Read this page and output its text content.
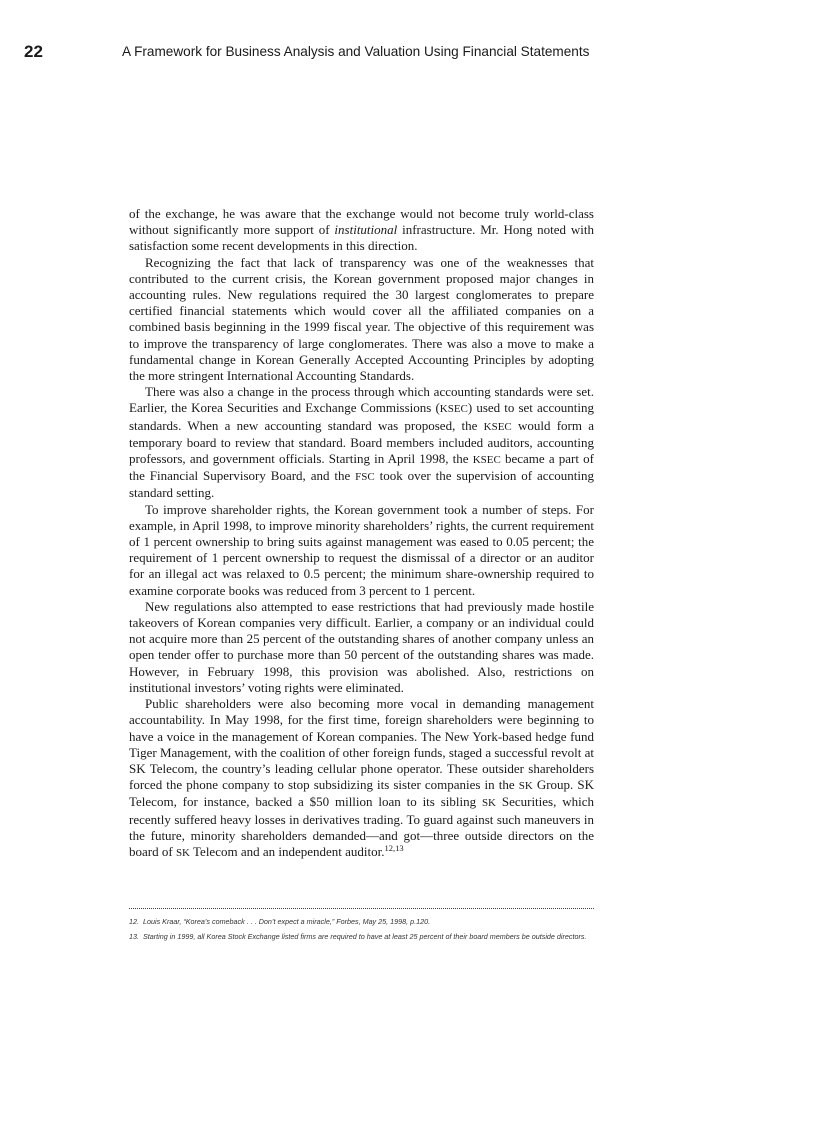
22	A Framework for Business Analysis and Valuation Using Financial Statements

of the exchange, he was aware that the exchange would not become truly world-class without significantly more support of institutional infrastructure. Mr. Hong noted with satisfaction some recent developments in this direction.

Recognizing the fact that lack of transparency was one of the weaknesses that contributed to the current crisis, the Korean government proposed major changes in accounting rules. New regulations required the 30 largest conglomerates to prepare certified financial statements which would cover all the affiliated companies on a combined basis beginning in the 1999 fiscal year. The objective of this requirement was to improve the transparency of large conglomerates. There was also a move to make a fundamental change in Korean Generally Accepted Accounting Principles by adopting the more stringent International Accounting Standards.

There was also a change in the process through which accounting standards were set. Earlier, the Korea Securities and Exchange Commissions (KSEC) used to set accounting standards. When a new accounting standard was proposed, the KSEC would form a temporary board to review that standard. Board members included auditors, accounting professors, and government officials. Starting in April 1998, the KSEC became a part of the Financial Supervisory Board, and the FSC took over the supervision of accounting standard setting.

To improve shareholder rights, the Korean government took a number of steps. For example, in April 1998, to improve minority shareholders’ rights, the current requirement of 1 percent ownership to bring suits against management was eased to 0.05 percent; the requirement of 1 percent ownership to request the dismissal of a director or an auditor for an illegal act was relaxed to 0.5 percent; the minimum share-ownership required to examine corporate books was reduced from 3 percent to 1 percent.

New regulations also attempted to ease restrictions that had previously made hostile takeovers of Korean companies very difficult. Earlier, a company or an individual could not acquire more than 25 percent of the outstanding shares of another company unless an open tender offer to purchase more than 50 percent of the outstanding shares was made. However, in February 1998, this provision was abolished. Also, restrictions on institutional investors’ voting rights were eliminated.

Public shareholders were also becoming more vocal in demanding management accountability. In May 1998, for the first time, foreign shareholders were beginning to have a voice in the management of Korean companies. The New York-based hedge fund Tiger Management, with the coalition of other foreign funds, staged a successful revolt at SK Telecom, the country’s leading cellular phone operator. These outsider shareholders forced the phone company to stop subsidizing its sister companies in the SK Group. SK Telecom, for instance, backed a $50 million loan to its sibling SK Securities, which recently suffered heavy losses in derivatives trading. To guard against such maneuvers in the future, minority shareholders demanded—and got—three outside directors on the board of SK Telecom and an independent auditor.$^{12,13}$

12. Louis Kraar, “Korea’s comeback . . . Don’t expect a miracle,” Forbes, May 25, 1998, p.120.
13. Starting in 1999, all Korea Stock Exchange listed firms are required to have at least 25 percent of their board members be outside directors.
